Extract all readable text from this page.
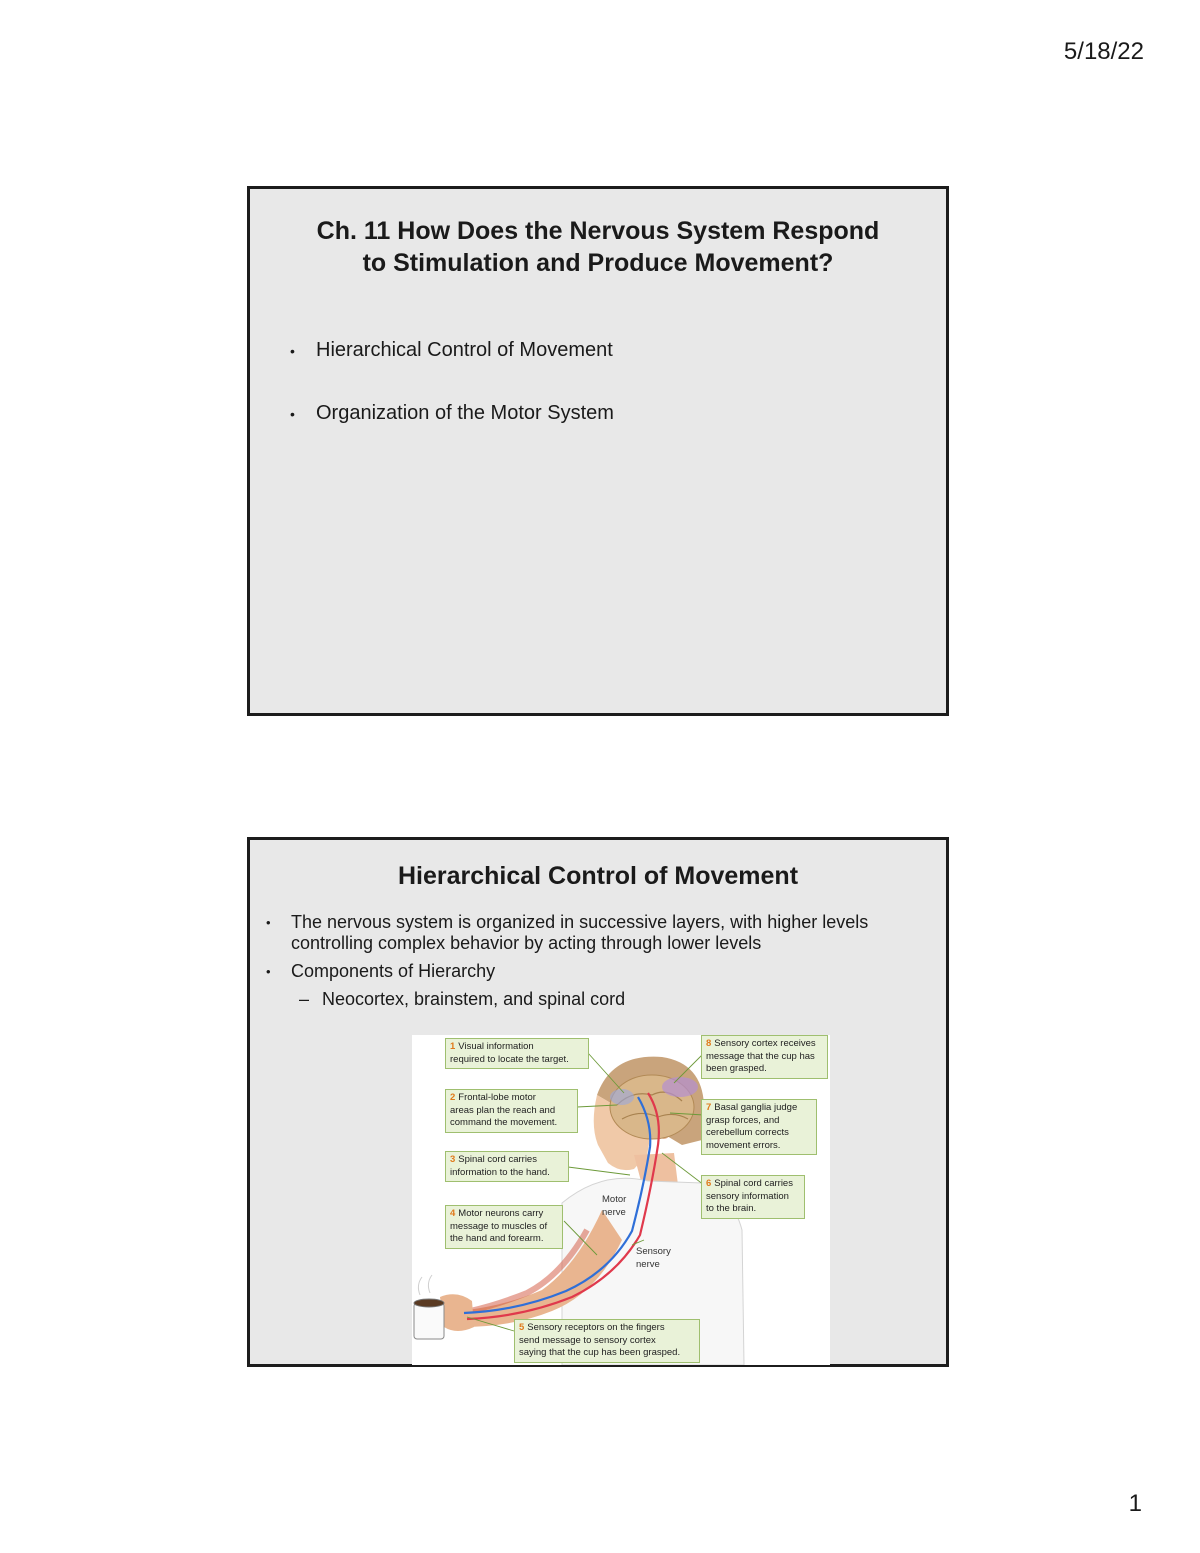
5/18/22
Ch. 11 How Does the Nervous System Respond
to Stimulation and Produce Movement?
• Hierarchical Control of Movement
• Organization of the Motor System
Hierarchical Control of Movement
• The nervous system is organized in successive layers, with higher levels
controlling complex behavior by acting through lower levels
• Components of Hierarchy
– Neocortex, brainstem, and spinal cord
1 Visual information
required to locate the target.
2 Frontal-lobe motor
areas plan the reach and
command the movement.
3 Spinal cord carries
information to the hand.
4 Motor neurons carry
message to muscles of
the hand and forearm.
5 Sensory receptors on the fingers
send message to sensory cortex
saying that the cup has been grasped.
6 Spinal cord carries
sensory information
to the brain.
7 Basal ganglia judge
grasp forces, and
cerebellum corrects
movement errors.
8 Sensory cortex receives
message that the cup has
been grasped.
Motor
nerve
Sensory
nerve
1
